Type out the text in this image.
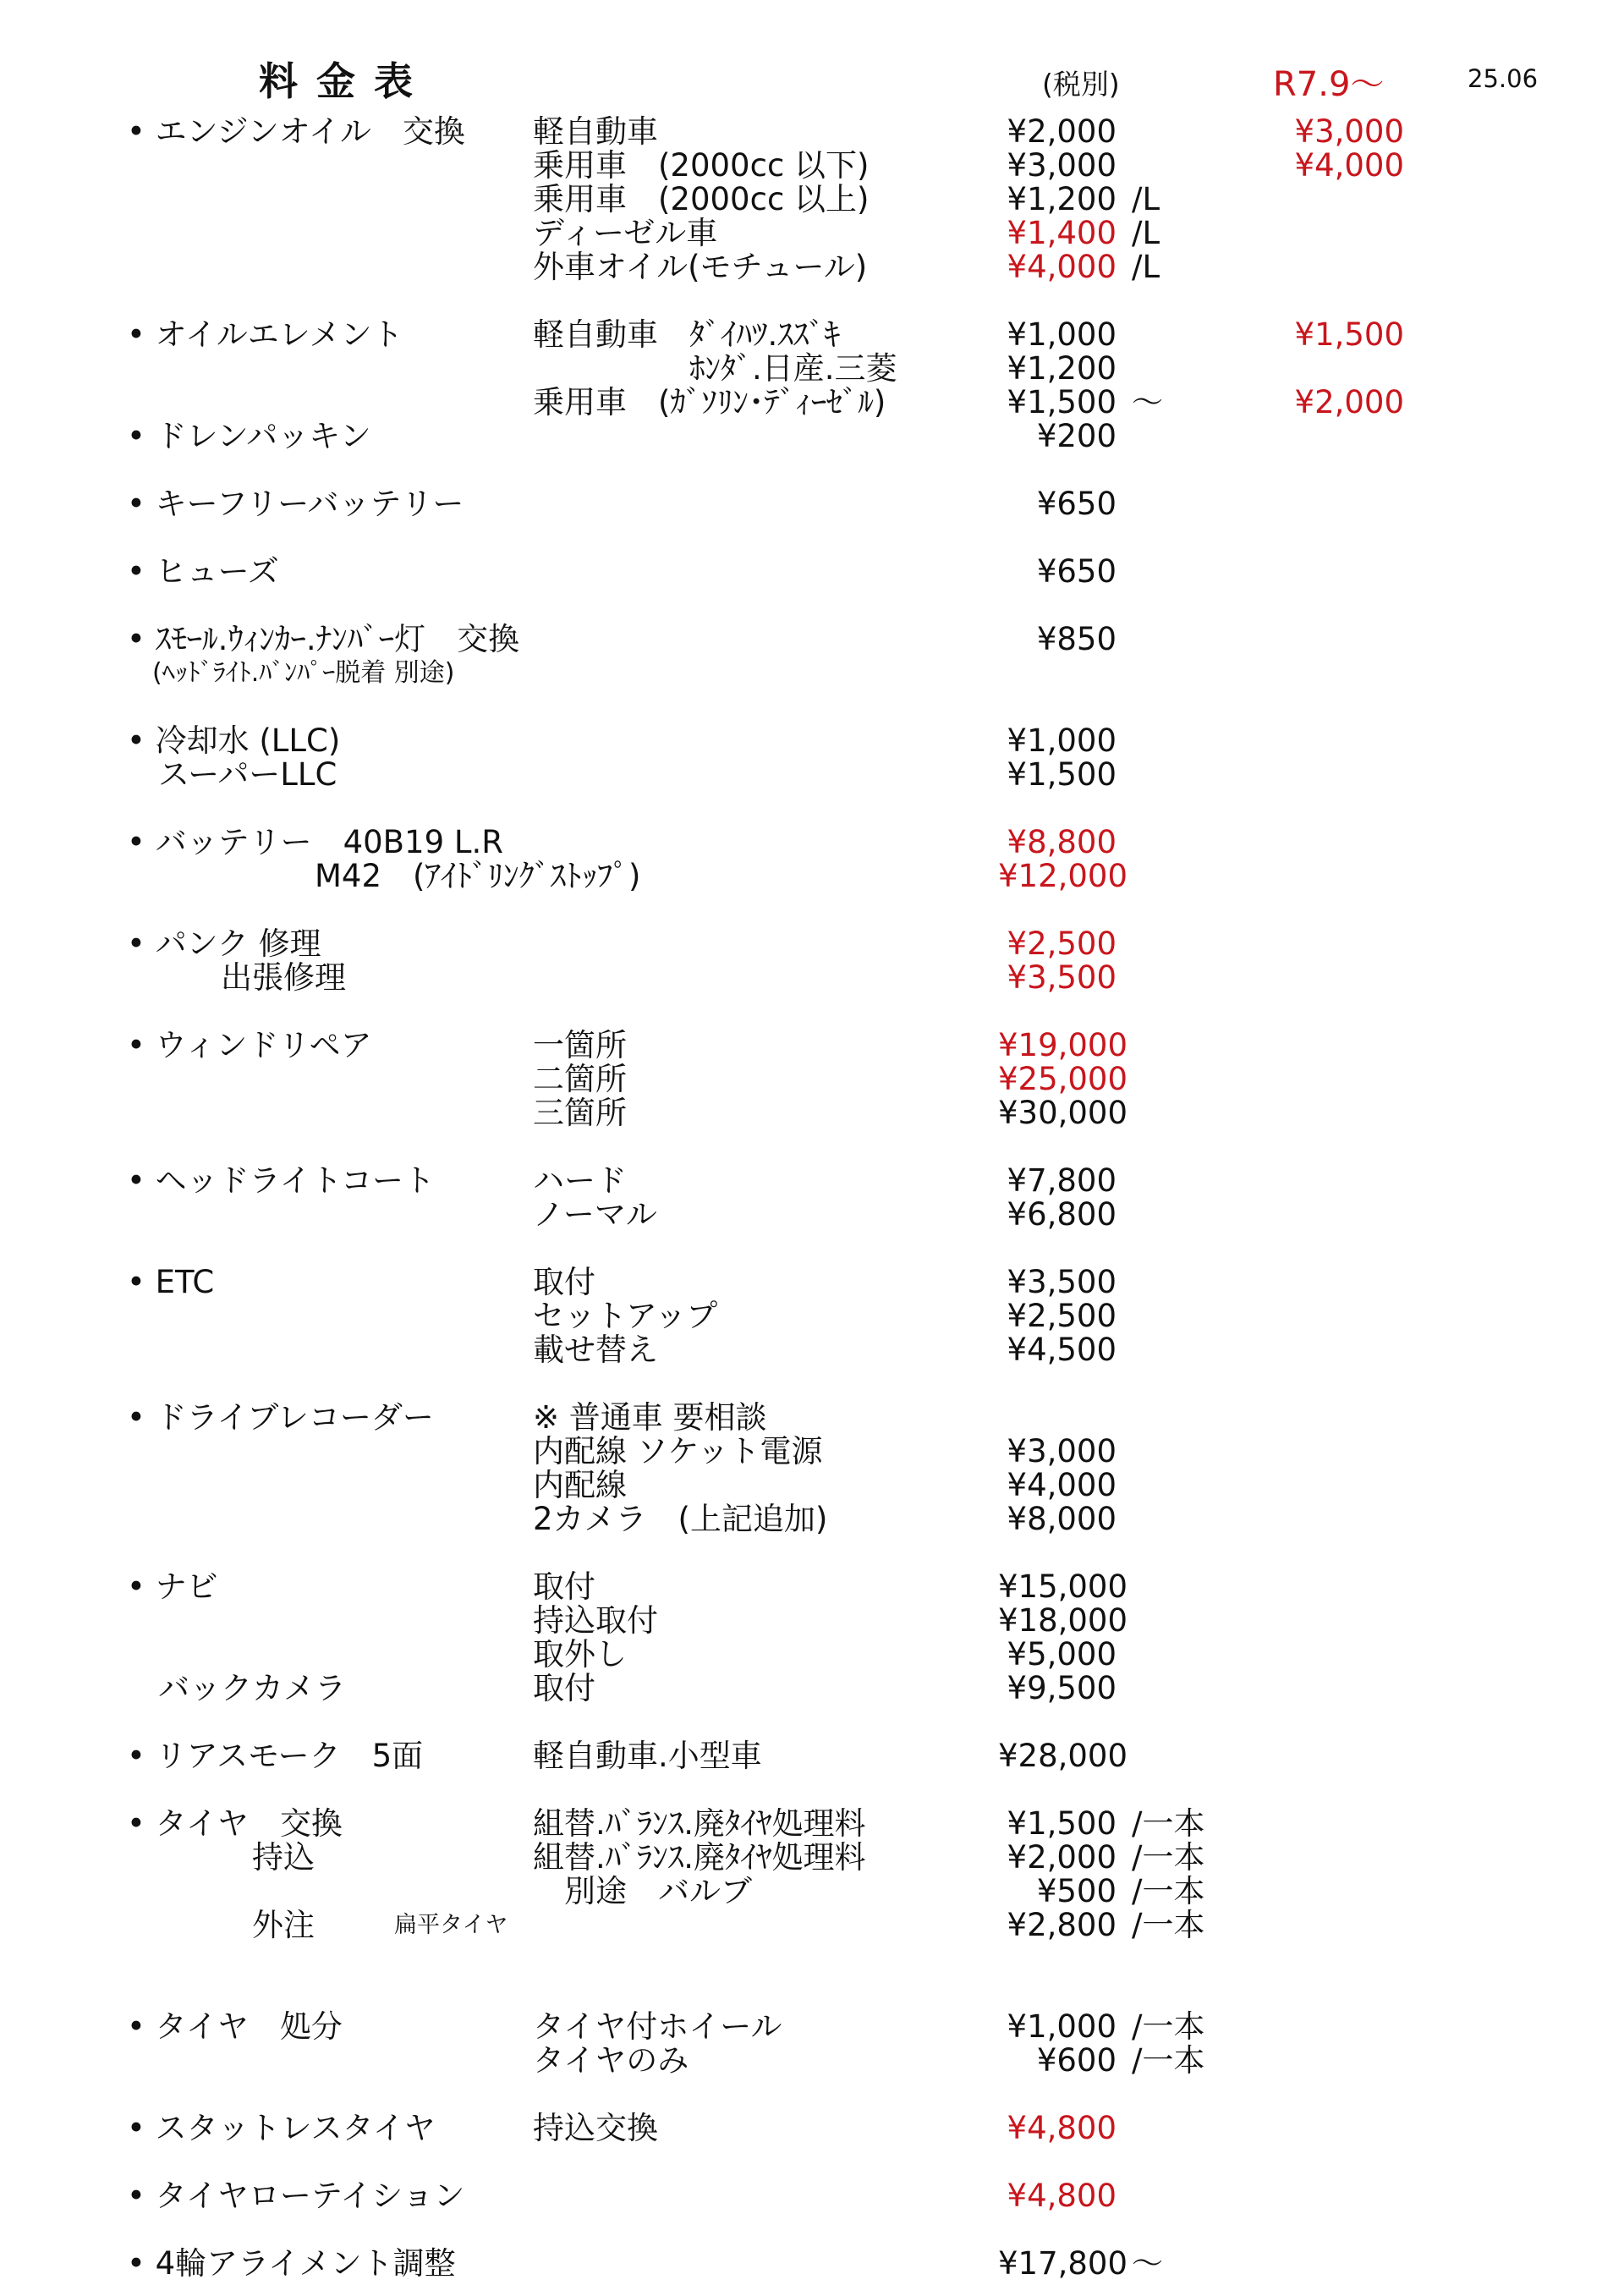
料金表	(税別)	R7.9〜	25.06
• エンジンオイル　交換 軽自動車	¥2,000	¥3,000
乗用車　(2000cc 以下)	¥3,000	¥4,000
乗用車　(2000cc 以上)	¥1,200 /L
ディーゼル車	¥1,400 /L
外車オイル(モチュール)	¥4,000 /L
• オイルエレメント	軽自動車　ﾀﾞｲﾊﾂ.ｽｽﾞｷ	¥1,000	¥1,500
　　　　　ﾎﾝﾀﾞ.日産.三菱	¥1,200
乗用車　(ｶﾞｿﾘﾝ･ﾃﾞｨｰｾﾞﾙ)	¥1,500 〜	¥2,000
• ドレンパッキン	¥200
• キーフリーバッテリー	¥650
• ヒューズ	¥650
• ｽﾓｰﾙ.ｳｨﾝｶｰ.ﾅﾝﾊﾞｰ灯　交換	¥850
　(ﾍｯﾄﾞﾗｲﾄ.ﾊﾞﾝﾊﾟｰ脱着 別途)
• 冷却水 (LLC)	¥1,000
　スーパーLLC	¥1,500
• バッテリー　40B19 L.R	¥8,800
　　　　　　M42　(ｱｲﾄﾞﾘﾝｸﾞｽﾄｯﾌﾟ)	¥12,000
• パンク 修理	¥2,500
　　　出張修理	¥3,500
• ウィンドリペア	一箇所	¥19,000
二箇所	¥25,000
三箇所	¥30,000
• ヘッドライトコート	ハード	¥7,800
ノーマル	¥6,800
• ETC	取付	¥3,500
セットアップ	¥2,500
載せ替え	¥4,500
• ドライブレコーダー	※ 普通車 要相談
内配線 ソケット電源	¥3,000
内配線	¥4,000
2カメラ　(上記追加)	¥8,000
• ナビ	取付	¥15,000
持込取付	¥18,000
取外し	¥5,000
　バックカメラ	取付	¥9,500
• リアスモーク　5面	軽自動車.小型車	¥28,000
• タイヤ　交換	組替.ﾊﾞﾗﾝｽ.廃ﾀｲﾔ処理料	¥1,500 /一本
　　　　持込	組替.ﾊﾞﾗﾝｽ.廃ﾀｲﾔ処理料	¥2,000 /一本
　別途　バルブ	¥500 /一本
　　　　外注	扁平タイヤ	¥2,800 /一本
• タイヤ　処分	タイヤ付ホイール	¥1,000 /一本
タイヤのみ	¥600 /一本
• スタットレスタイヤ	持込交換	¥4,800
• タイヤローテイション	¥4,800
• 4輪アライメント調整	¥17,800 〜
